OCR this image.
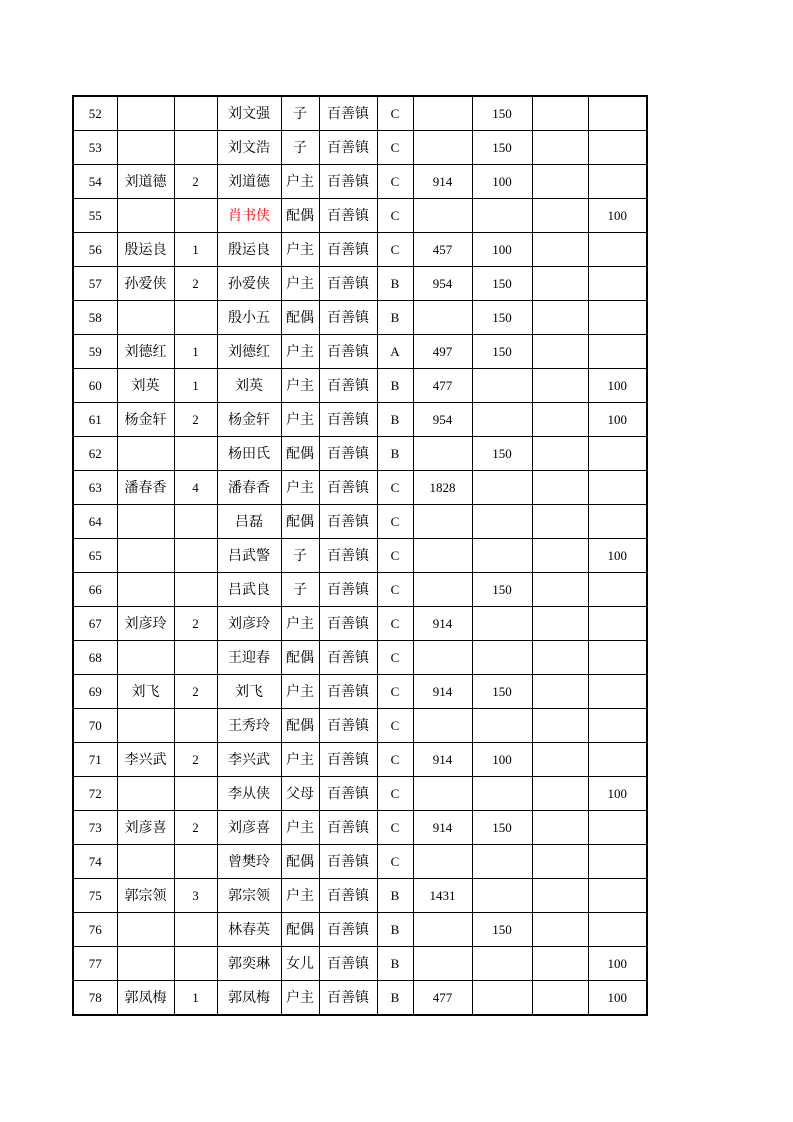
52			刘文强	子	百善镇	C		150		
53			刘文浩	子	百善镇	C		150		
54	刘道德	2	刘道德	户主	百善镇	C	914	100		
55			肖书侠	配偶	百善镇	C				100
56	殷运良	1	殷运良	户主	百善镇	C	457	100		
57	孙爱侠	2	孙爱侠	户主	百善镇	B	954	150		
58			殷小五	配偶	百善镇	B		150		
59	刘德红	1	刘德红	户主	百善镇	A	497	150		
60	刘英	1	刘英	户主	百善镇	B	477			100
61	杨金轩	2	杨金轩	户主	百善镇	B	954			100
62			杨田氏	配偶	百善镇	B		150		
63	潘春香	4	潘春香	户主	百善镇	C	1828			
64			吕磊	配偶	百善镇	C				
65			吕武警	子	百善镇	C				100
66			吕武良	子	百善镇	C		150		
67	刘彦玲	2	刘彦玲	户主	百善镇	C	914			
68			王迎春	配偶	百善镇	C				
69	刘飞	2	刘飞	户主	百善镇	C	914	150		
70			王秀玲	配偶	百善镇	C				
71	李兴武	2	李兴武	户主	百善镇	C	914	100		
72			李从侠	父母	百善镇	C				100
73	刘彦喜	2	刘彦喜	户主	百善镇	C	914	150		
74			曾樊玲	配偶	百善镇	C				
75	郭宗领	3	郭宗领	户主	百善镇	B	1431			
76			林春英	配偶	百善镇	B		150		
77			郭奕琳	女儿	百善镇	B				100
78	郭凤梅	1	郭凤梅	户主	百善镇	B	477			100
